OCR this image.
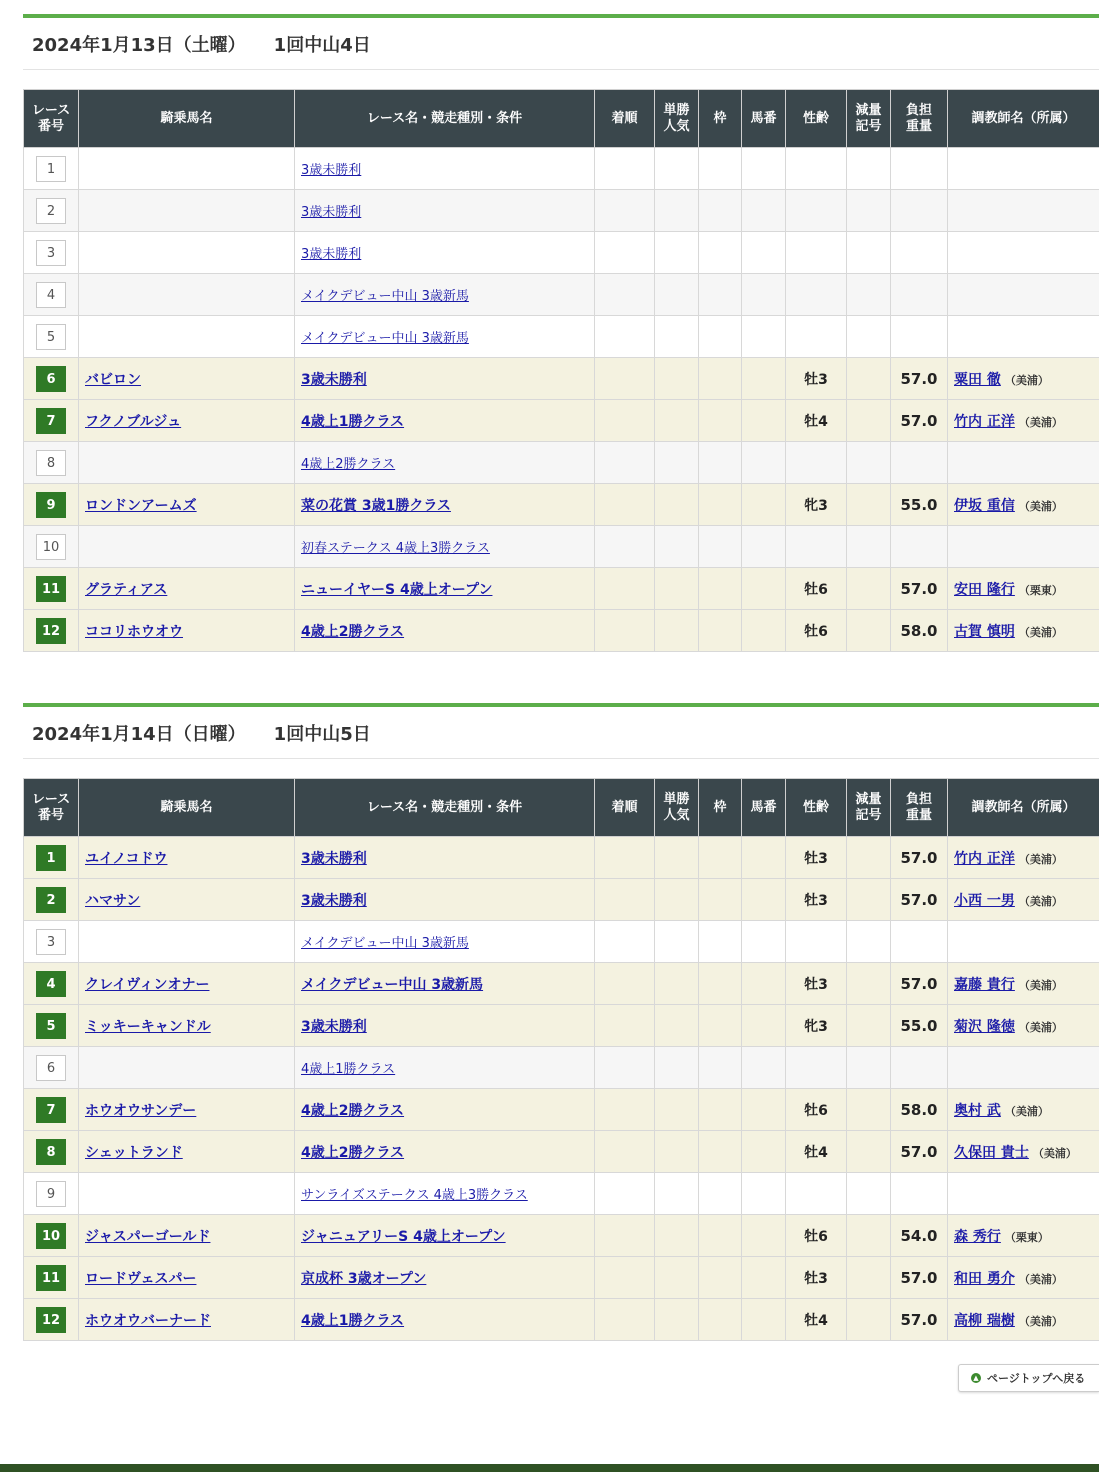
2024年1月13日（土曜） 1回中山4日
レース
番号	騎乗馬名	レース名・競走種別・条件	着順	単勝
人気	枠	馬番	性齢	減量
記号	負担
重量	調教師名（所属）
1		3歳未勝利								
2		3歳未勝利								
3		3歳未勝利								
4		メイクデビュー中山 3歳新馬								
5		メイクデビュー中山 3歳新馬								
6	バビロン	3歳未勝利					牡3		57.0	粟田 徹 （美浦）
7	フクノブルジュ	4歳上1勝クラス					牡4		57.0	竹内 正洋 （美浦）
8		4歳上2勝クラス								
9	ロンドンアームズ	菜の花賞 3歳1勝クラス					牝3		55.0	伊坂 重信 （美浦）
10		初春ステークス 4歳上3勝クラス								
11	グラティアス	ニューイヤーS 4歳上オープン					牡6		57.0	安田 隆行 （栗東）
12	ココリホウオウ	4歳上2勝クラス					牡6		58.0	古賀 慎明 （美浦）
2024年1月14日（日曜） 1回中山5日
レース
番号	騎乗馬名	レース名・競走種別・条件	着順	単勝
人気	枠	馬番	性齢	減量
記号	負担
重量	調教師名（所属）
1	ユイノコドウ	3歳未勝利					牡3		57.0	竹内 正洋 （美浦）
2	ハマサン	3歳未勝利					牡3		57.0	小西 一男 （美浦）
3		メイクデビュー中山 3歳新馬								
4	クレイヴィンオナー	メイクデビュー中山 3歳新馬					牡3		57.0	嘉藤 貴行 （美浦）
5	ミッキーキャンドル	3歳未勝利					牝3		55.0	菊沢 隆徳 （美浦）
6		4歳上1勝クラス								
7	ホウオウサンデー	4歳上2勝クラス					牡6		58.0	奥村 武 （美浦）
8	シェットランド	4歳上2勝クラス					牡4		57.0	久保田 貴士 （美浦）
9		サンライズステークス 4歳上3勝クラス								
10	ジャスパーゴールド	ジャニュアリーS 4歳上オープン					牡6		54.0	森 秀行 （栗東）
11	ロードヴェスパー	京成杯 3歳オープン					牡3		57.0	和田 勇介 （美浦）
12	ホウオウバーナード	4歳上1勝クラス					牡4		57.0	高柳 瑞樹 （美浦）
▲ ページトップへ戻る
